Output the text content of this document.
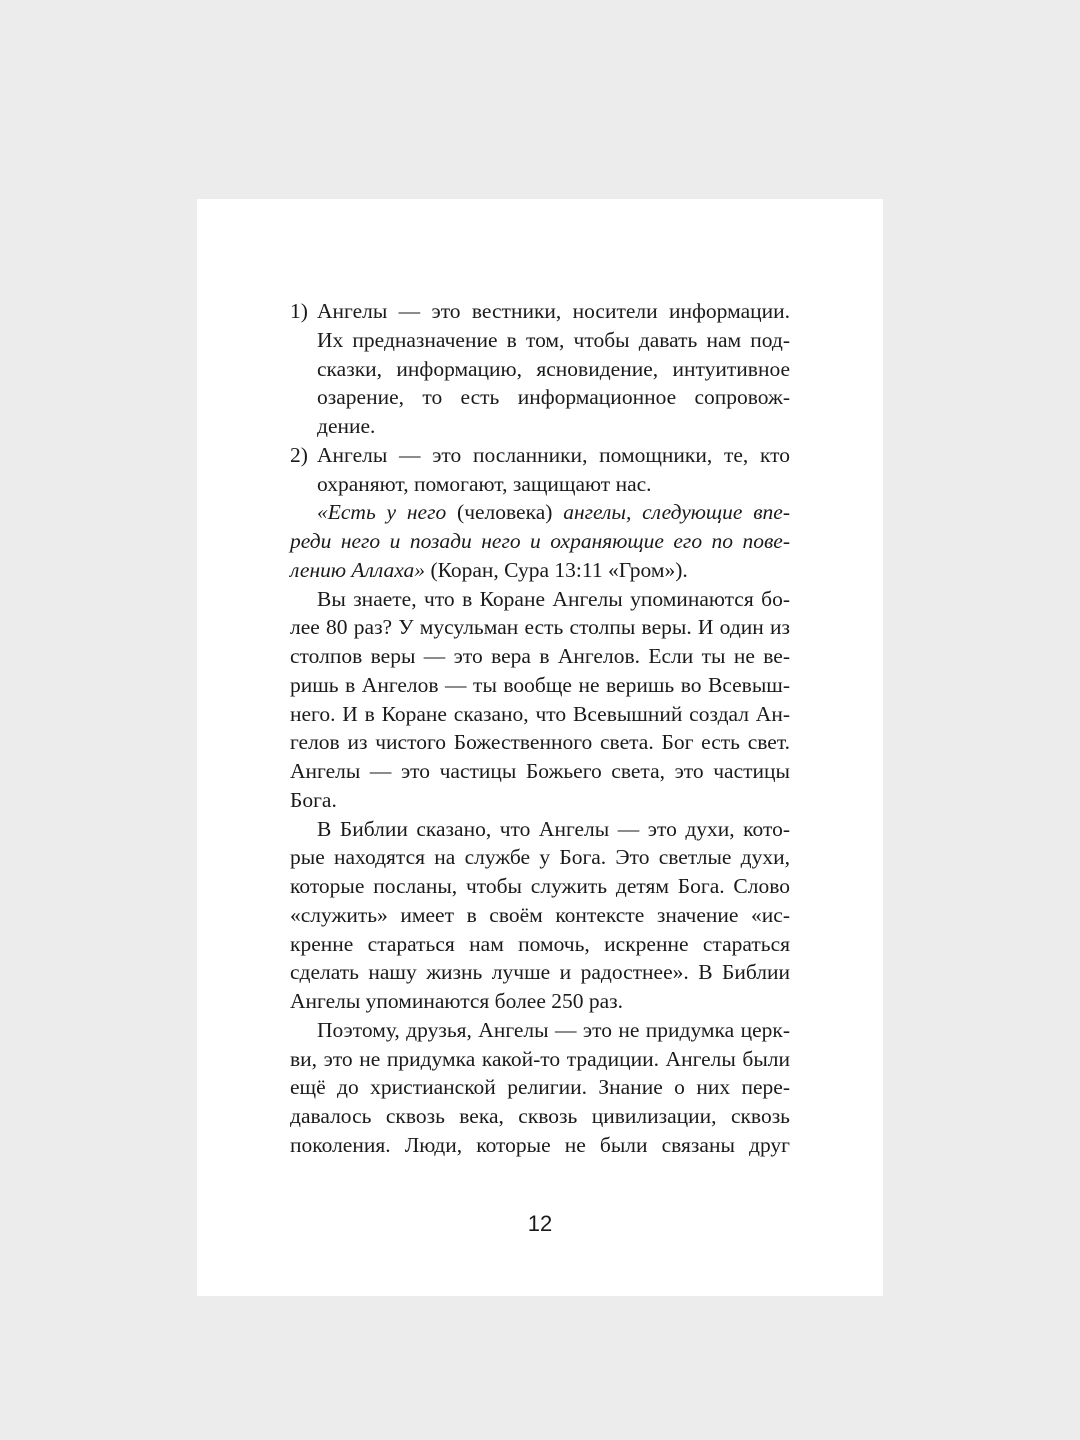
1) Ангелы — это вестники, носители информации.
Их предназначение в том, чтобы давать нам под-
сказки, информацию, ясновидение, интуитивное
озарение, то есть информационное сопровож-
дение.
2) Ангелы — это посланники, помощники, те, кто
охраняют, помогают, защищают нас.
«Есть у него (человека) ангелы, следующие впе-
реди него и позади него и охраняющие его по пове-
лению Аллаха» (Коран, Сура 13:11 «Гром»).
Вы знаете, что в Коране Ангелы упоминаются бо-
лее 80 раз? У мусульман есть столпы веры. И один из
столпов веры — это вера в Ангелов. Если ты не ве-
ришь в Ангелов — ты вообще не веришь во Всевыш-
него. И в Коране сказано, что Всевышний создал Ан-
гелов из чистого Божественного света. Бог есть свет.
Ангелы — это частицы Божьего света, это частицы
Бога.
В Библии сказано, что Ангелы — это духи, кото-
рые находятся на службе у Бога. Это светлые духи,
которые посланы, чтобы служить детям Бога. Слово
«служить» имеет в своём контексте значение «ис-
кренне стараться нам помочь, искренне стараться
сделать нашу жизнь лучше и радостнее». В Библии
Ангелы упоминаются более 250 раз.
Поэтому, друзья, Ангелы — это не придумка церк-
ви, это не придумка какой-то традиции. Ангелы были
ещё до христианской религии. Знание о них пере-
давалось сквозь века, сквозь цивилизации, сквозь
поколения. Люди, которые не были связаны друг
12
